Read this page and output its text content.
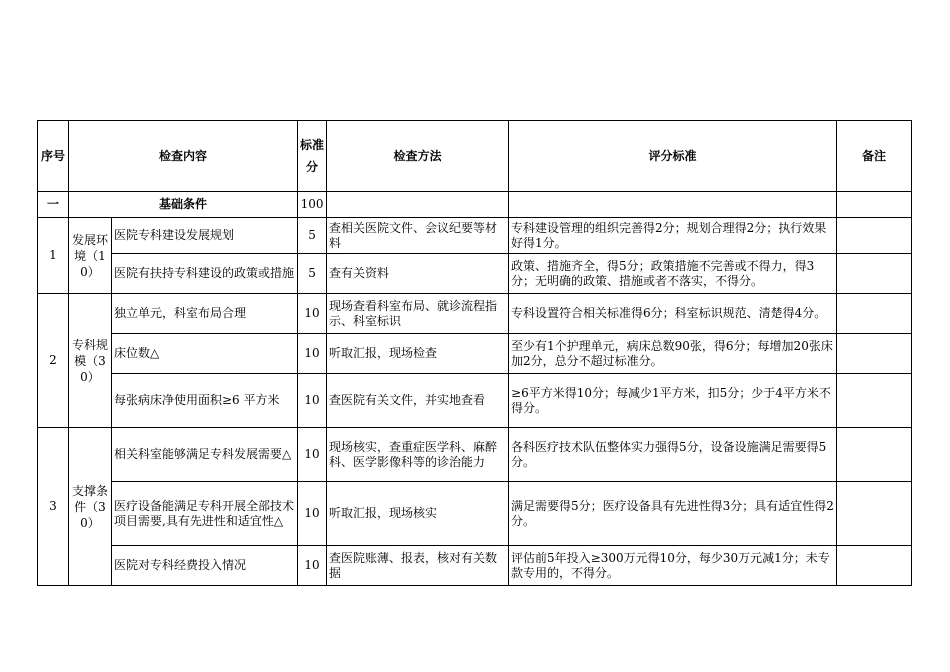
序号	检查内容		标准分	检查方法	评分标准	备注
一	基础条件		100			
1	发展环境（10）	医院专科建设发展规划	5	查相关医院文件、会议纪要等材料	专科建设管理的组织完善得2分；规划合理得2分；执行效果好得1分。	
		医院有扶持专科建设的政策或措施	5	查有关资料	政策、措施齐全，得5分；政策措施不完善或不得力，得3分；无明确的政策、措施或者不落实，不得分。	
2	专科规模（30）	独立单元，科室布局合理	10	现场查看科室布局、就诊流程指示、科室标识	专科设置符合相关标准得6分；科室标识规范、清楚得4分。	
		床位数△	10	听取汇报，现场检查	至少有1个护理单元，病床总数90张，得6分；每增加20张床加2分，总分不超过标准分。	
		每张病床净使用面积≥6 平方米	10	查医院有关文件，并实地查看	≥6平方米得10分；每减少1平方米，扣5分；少于4平方米不得分。	
3	支撑条件（30）	相关科室能够满足专科发展需要△	10	现场核实，查重症医学科、麻醉科、医学影像科等的诊治能力	各科医疗技术队伍整体实力强得5分，设备设施满足需要得5分。	
		医疗设备能满足专科开展全部技术项目需要,具有先进性和适宜性△	10	听取汇报，现场核实	满足需要得5分；医疗设备具有先进性得3分；具有适宜性得2分。	
		医院对专科经费投入情况	10	查医院账薄、报表，核对有关数据	评估前5年投入≥300万元得10分，每少30万元减1分；未专款专用的，不得分。	
